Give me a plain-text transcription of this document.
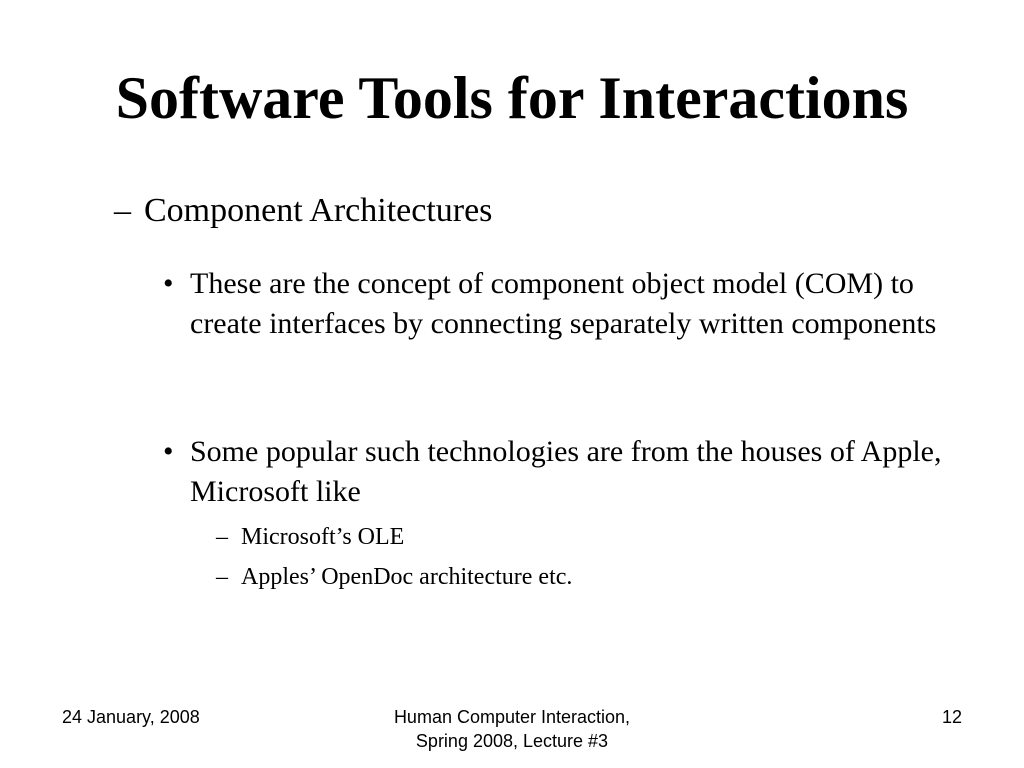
Software Tools for Interactions
– Component Architectures
• These are the concept of component object model (COM) to create interfaces by connecting separately written components
• Some popular such technologies are from the houses of Apple, Microsoft like
– Microsoft’s OLE
– Apples’ OpenDoc architecture etc.
24 January, 2008	Human Computer Interaction,
Spring 2008, Lecture #3
12
